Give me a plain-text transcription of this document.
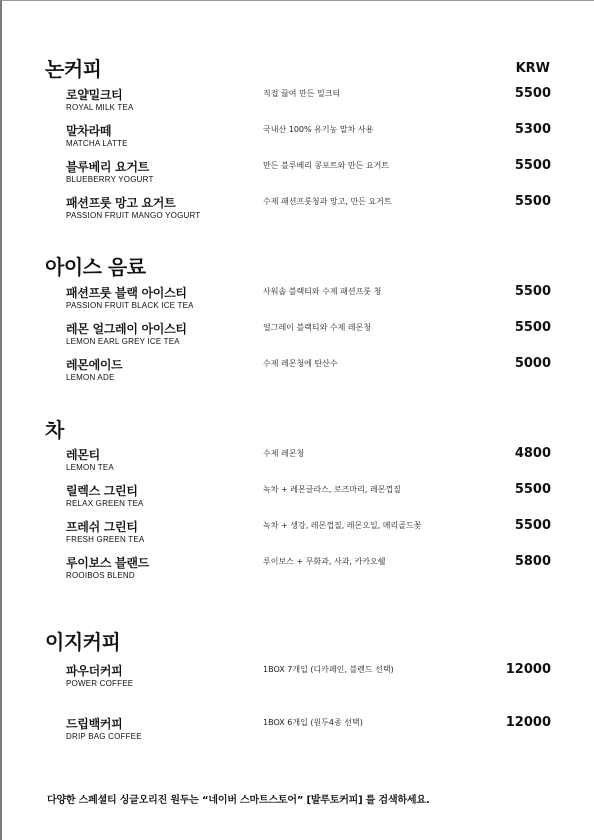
KRW
논커피
로얄밀크티
ROYAL MILK TEA
직접 끓여 만든 밀크티	5500
말차라떼
MATCHA LATTE
국내산 100% 유기농 말차 사용	5300
블루베리 요거트
BLUEBERRY YOGURT
만든 블루베리 콩포트와 만든 요거트	5500
패션프룻 망고 요거트
PASSION FRUIT MANGO YOGURT
수제 패션프룻청과 망고, 만든 요거트	5500
아이스 음료
패션프룻 블랙 아이스티
PASSION FRUIT BLACK ICE TEA
사워솝 블랙티와 수제 패션프룻 청	5500
레몬 얼그레이 아이스티
LEMON EARL GREY ICE TEA
얼그레이 블랙티와 수제 레몬청	5500
레몬에이드
LEMON ADE
수제 레몬청에 탄산수	5000
차
레몬티
LEMON TEA
수제 레몬청	4800
릴렉스 그린티
RELAX GREEN TEA
녹차 + 레몬글라스, 로즈마리, 레몬껍질	5500
프레쉬 그린티
FRESH GREEN TEA
녹차 + 생강, 레몬껍질, 레몬오일, 메리골드꽃	5500
루이보스 블랜드
ROOIBOS BLEND
루이보스 + 무화과, 사과, 카카오쉘	5800
이지커피
파우더커피
POWER COFFEE
1BOX 7개입 (디카페인, 블렌드 선택)	12000
드립백커피
DRIP BAG COFFEE
1BOX 6개입 (원두4종 선택)	12000
다양한 스페셜티 싱글오리진 원두는 “네이버 스마트스토어” [발루토커피] 를 검색하세요.
